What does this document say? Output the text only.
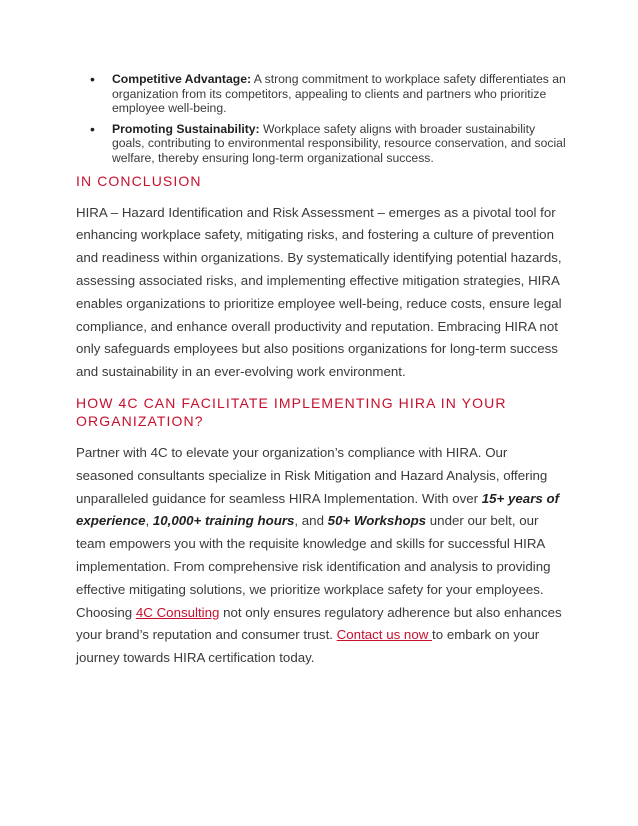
• Competitive Advantage: A strong commitment to workplace safety differentiates an organization from its competitors, appealing to clients and partners who prioritize employee well-being.
• Promoting Sustainability: Workplace safety aligns with broader sustainability goals, contributing to environmental responsibility, resource conservation, and social welfare, thereby ensuring long-term organizational success.
IN CONCLUSION

HIRA – Hazard Identification and Risk Assessment – emerges as a pivotal tool for enhancing workplace safety, mitigating risks, and fostering a culture of prevention and readiness within organizations. By systematically identifying potential hazards, assessing associated risks, and implementing effective mitigation strategies, HIRA enables organizations to prioritize employee well-being, reduce costs, ensure legal compliance, and enhance overall productivity and reputation. Embracing HIRA not only safeguards employees but also positions organizations for long-term success and sustainability in an ever-evolving work environment.

HOW 4C CAN FACILITATE IMPLEMENTING HIRA IN YOUR ORGANIZATION?

Partner with 4C to elevate your organization’s compliance with HIRA. Our seasoned consultants specialize in Risk Mitigation and Hazard Analysis, offering unparalleled guidance for seamless HIRA Implementation. With over 15+ years of experience, 10,000+ training hours, and 50+ Workshops under our belt, our team empowers you with the requisite knowledge and skills for successful HIRA implementation. From comprehensive risk identification and analysis to providing effective mitigating solutions, we prioritize workplace safety for your employees. Choosing 4C Consulting not only ensures regulatory adherence but also enhances your brand’s reputation and consumer trust. Contact us now to embark on your journey towards HIRA certification today.
